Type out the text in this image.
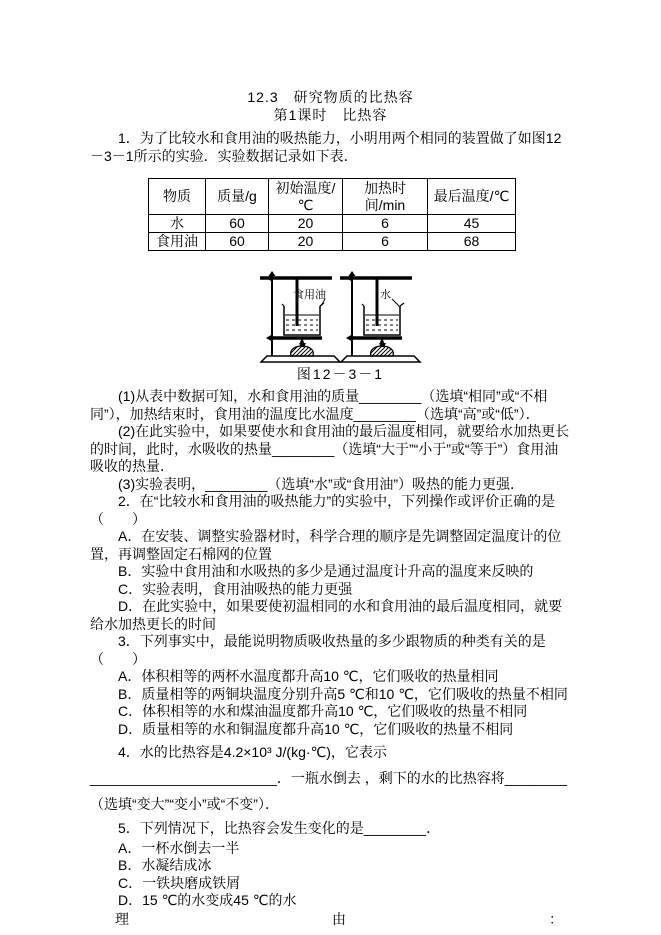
12.3　研究物质的比热容

第1课时　比热容

1．为了比较水和食用油的吸热能力，小明用两个相同的装置做了如图12－3－1所示的实验．实验数据记录如下表．

物质	质量/g	初始温度/℃	加热时间/min	最后温度/℃
水	60	20	6	45
食用油	60	20	6	68
食用油	水

图12－3－1

(1)从表中数据可知，水和食用油的质量________（选填“相同”或“不相同”），加热结束时，食用油的温度比水温度________（选填“高”或“低”）．

(2)在此实验中，如果要使水和食用油的最后温度相同，就要给水加热更长的时间，此时，水吸收的热量________（选填“大于”“小于”或“等于”）食用油吸收的热量．

(3)实验表明，________（选填“水”或“食用油”）吸热的能力更强．

2．在“比较水和食用油的吸热能力”的实验中，下列操作或评价正确的是（　　）

A．在安装、调整实验器材时，科学合理的顺序是先调整固定温度计的位置，再调整固定石棉网的位置

B．实验中食用油和水吸热的多少是通过温度计升高的温度来反映的

C．实验表明，食用油吸热的能力更强

D．在此实验中，如果要使初温相同的水和食用油的最后温度相同，就要给水加热更长的时间

3．下列事实中，最能说明物质吸收热量的多少跟物质的种类有关的是（　　）

A．体积相等的两杯水温度都升高10 ℃，它们吸收的热量相同

B．质量相等的两铜块温度分别升高5 ℃和10 ℃，它们吸收的热量不相同

C．体积相等的水和煤油温度都升高10 ℃，它们吸收的热量不相同

D．质量相等的水和铜温度都升高10 ℃，它们吸收的热量不相同

4．水的比热容是4.2×10³ J/(kg·℃)，它表示________________________．一瓶水倒去 ，剩下的水的比热容将________（选填“变大”“变小”或“不变”）．

5．下列情况下，比热容会发生变化的是________．

A．一杯水倒去一半

B．水凝结成冰

C．一铁块磨成铁屑

D．15 ℃的水变成45 ℃的水

理	由	：
